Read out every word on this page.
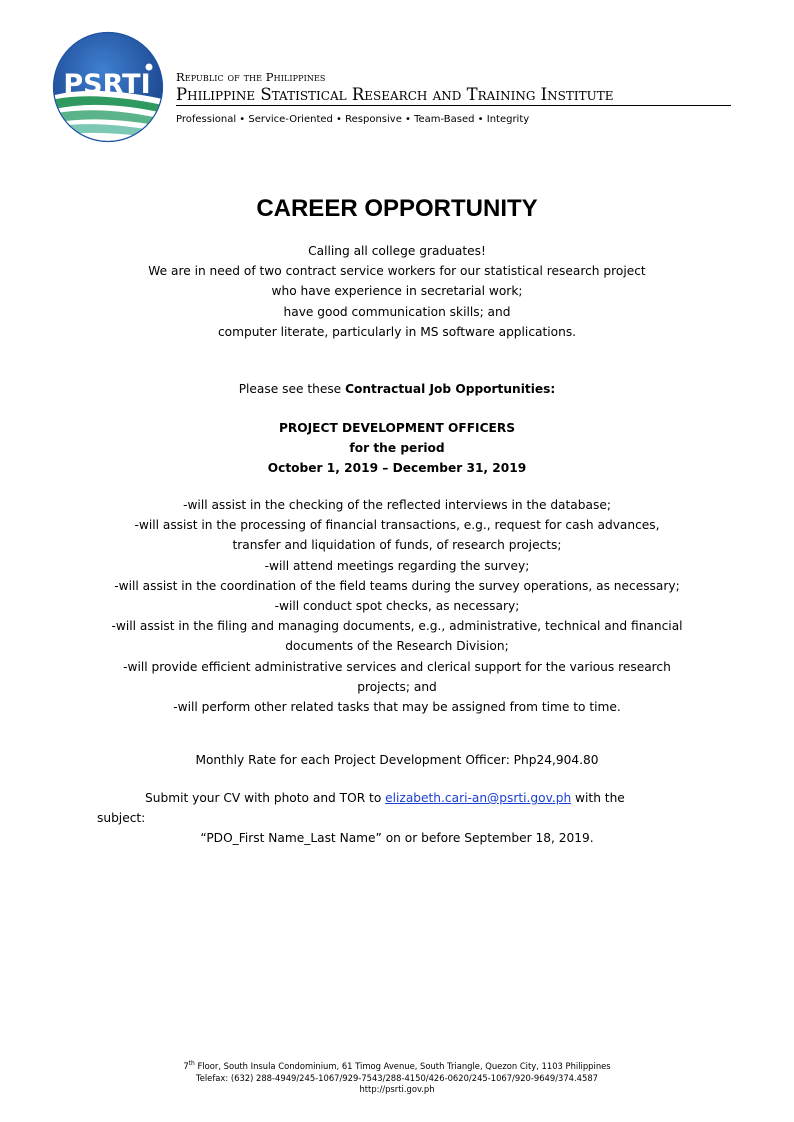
PSRTI Republic of the Philippines
Philippine Statistical Research and Training Institute
Professional • Service-Oriented • Responsive • Team-Based • Integrity
CAREER OPPORTUNITY
Calling all college graduates!
We are in need of two contract service workers for our statistical research project
who have experience in secretarial work;
have good communication skills; and
computer literate, particularly in MS software applications.
Please see these Contractual Job Opportunities:
PROJECT DEVELOPMENT OFFICERS
for the period
October 1, 2019 – December 31, 2019
-will assist in the checking of the reflected interviews in the database;
-will assist in the processing of financial transactions, e.g., request for cash advances,
transfer and liquidation of funds, of research projects;
-will attend meetings regarding the survey;
-will assist in the coordination of the field teams during the survey operations, as necessary;
-will conduct spot checks, as necessary;
-will assist in the filing and managing documents, e.g., administrative, technical and financial
documents of the Research Division;
-will provide efficient administrative services and clerical support for the various research
projects; and
-will perform other related tasks that may be assigned from time to time.
Monthly Rate for each Project Development Officer: Php24,904.80
Submit your CV with photo and TOR to elizabeth.cari-an@psrti.gov.ph with the
subject:
“PDO_First Name_Last Name” on or before September 18, 2019.
7th Floor, South Insula Condominium, 61 Timog Avenue, South Triangle, Quezon City, 1103 Philippines
Telefax: (632) 288-4949/245-1067/929-7543/288-4150/426-0620/245-1067/920-9649/374.4587
http://psrti.gov.ph
